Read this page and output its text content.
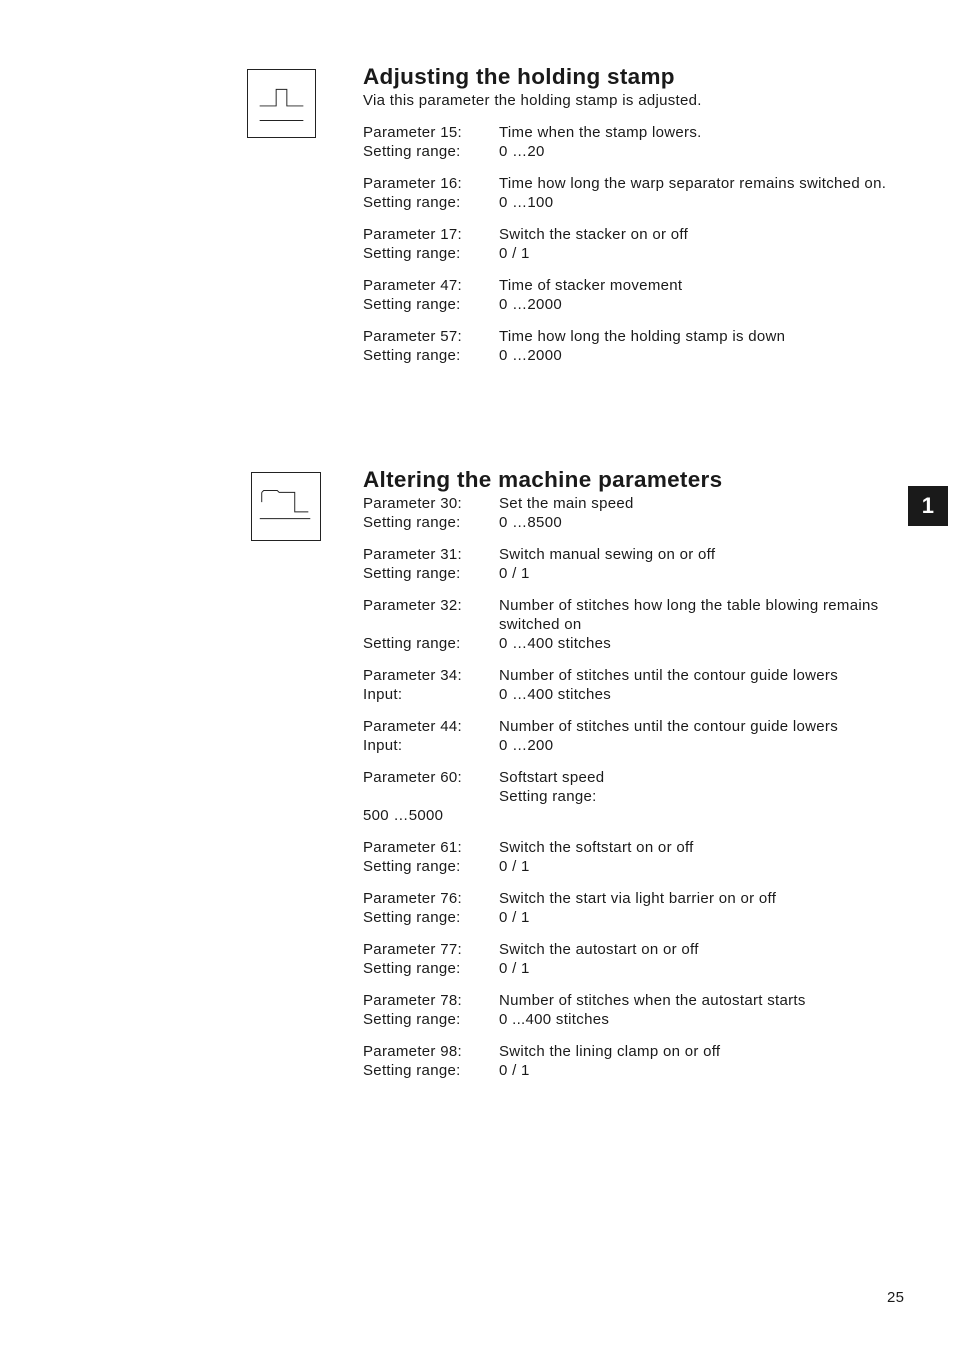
Adjusting the holding stamp

Via this parameter the holding stamp is adjusted.

Parameter 15:	Time when the stamp lowers.
Setting range:	0 …20
Parameter 16:	Time how long the warp separator remains switched on.
Setting range:	0 …100
Parameter 17:	Switch the stacker on or off
Setting range:	0 / 1
Parameter 47:	Time of stacker movement
Setting range:	0 …2000
Parameter 57:	Time how long the holding stamp is down
Setting range:	0 …2000
Altering the machine parameters
Parameter 30:	Set the main speed
Setting range:	0 …8500
Parameter 31:	Switch manual sewing on or off
Setting range:	0 / 1
Parameter 32:	Number of stitches how long the table blowing remains switched on
Setting range:	0 …400 stitches
Parameter 34:	Number of stitches until the contour guide lowers
Input:	0 …400 stitches
Parameter 44:	Number of stitches until the contour guide lowers
Input:	0 …200
Parameter 60:	Softstart speed
Setting range:
500 …5000
Parameter 61:	Switch the softstart on or off
Setting range:	0 / 1
Parameter 76:	Switch the start via light barrier on or off
Setting range:	0 / 1
Parameter 77:	Switch the autostart on or off
Setting range:	0 / 1
Parameter 78:	Number of stitches when the autostart starts
Setting range:	0 ...400 stitches
Parameter 98:	Switch the lining clamp on or off
Setting range:	0 / 1
1
25
